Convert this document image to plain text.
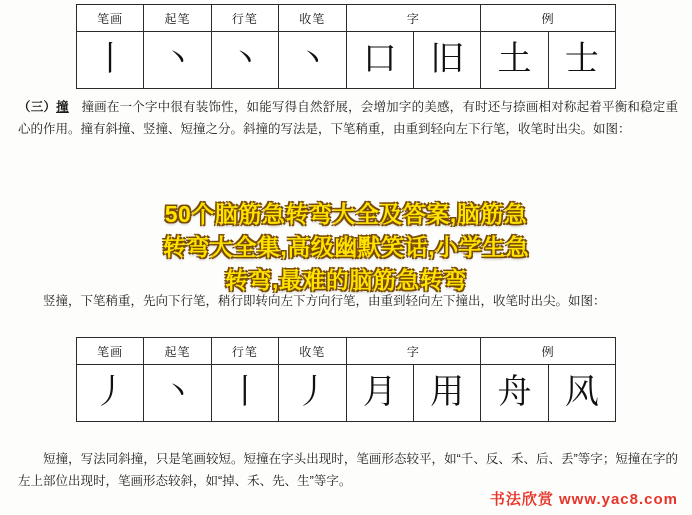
笔画	起笔	行笔	收笔	字		例	
丨	丶	丶	丶	口	旧	土	士
（三）撞　撞画在一个字中很有装饰性，如能写得自然舒展，会增加字的美感，有时还与捺画相对称起着平衡和稳定重心的作用。撞有斜撞、竖撞、短撞之分。斜撞的写法是，下笔稍重，由重到轻向左下行笔，收笔时出尖。如图：
　　竖撞，下笔稍重，先向下行笔，稍行即转向左下方向行笔，由重到轻向左下撞出，收笔时出尖。如图：
笔画	起笔	行笔	收笔	字		例	
丿	丶	丨	丿	月	用	舟	风
　　短撞，写法同斜撞，只是笔画较短。短撞在字头出现时，笔画形态较平，如“千、反、禾、后、丢”等字；短撞在字的左上部位出现时，笔画形态较斜，如“掉、禾、先、生”等字。
50个脑筋急转弯大全及答案,脑筋急
转弯大全集,高级幽默笑话,小学生急
转弯,最难的脑筋急转弯
书法欣赏 www.yac8.com
